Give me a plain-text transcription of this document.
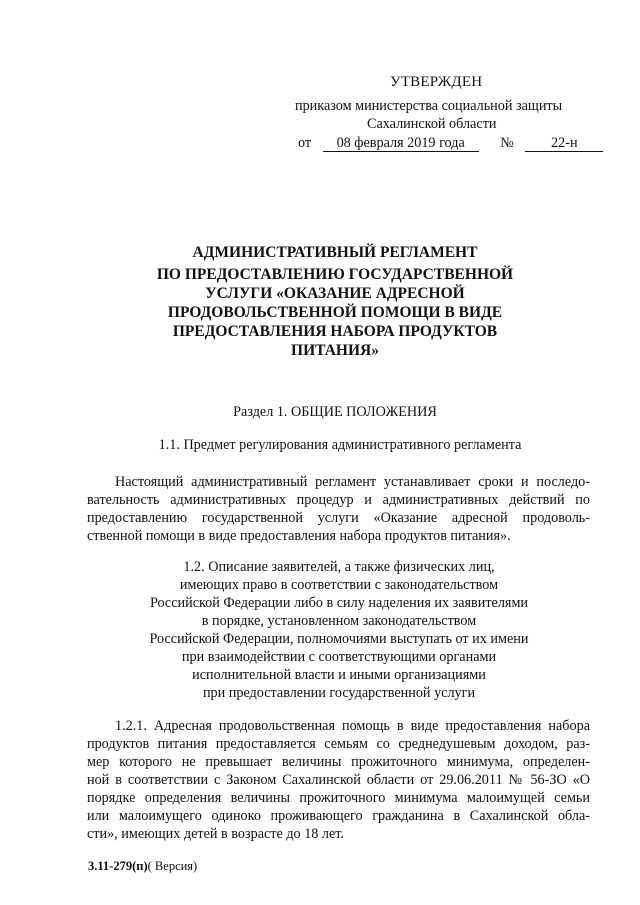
УТВЕРЖДЕН
приказом министерства социальной защиты
Сахалинской области
от 08 февраля 2019 года №	22-н
АДМИНИСТРАТИВНЫЙ РЕГЛАМЕНТ
ПО ПРЕДОСТАВЛЕНИЮ ГОСУДАРСТВЕННОЙ
УСЛУГИ «ОКАЗАНИЕ АДРЕСНОЙ
ПРОДОВОЛЬСТВЕННОЙ ПОМОЩИ В ВИДЕ
ПРЕДОСТАВЛЕНИЯ НАБОРА ПРОДУКТОВ
ПИТАНИЯ»
Раздел 1. ОБЩИЕ ПОЛОЖЕНИЯ
1.1. Предмет регулирования административного регламента
Настоящий административный регламент устанавливает сроки и последо-
вательность административных процедур и административных действий по
предоставлению государственной услуги «Оказание адресной продоволь-
ственной помощи в виде предоставления набора продуктов питания».
1.2. Описание заявителей, а также физических лиц,
имеющих право в соответствии с законодательством
Российской Федерации либо в силу наделения их заявителями
в порядке, установленном законодательством
Российской Федерации, полномочиями выступать от их имени
при взаимодействии с соответствующими органами
исполнительной власти и иными организациями
при предоставлении государственной услуги
1.2.1. Адресная продовольственная помощь в виде предоставления набора
продуктов питания предоставляется семьям со среднедушевым доходом, раз-
мер которого не превышает величины прожиточного минимума, определен-
ной в соответствии с Законом Сахалинской области от 29.06.2011 № 56-ЗО «О
порядке определения величины прожиточного минимума малоимущей семьи
или малоимущего одиноко проживающего гражданина в Сахалинской обла-
сти», имеющих детей в возрасте до 18 лет.
3.11-279(п)( Версия)
